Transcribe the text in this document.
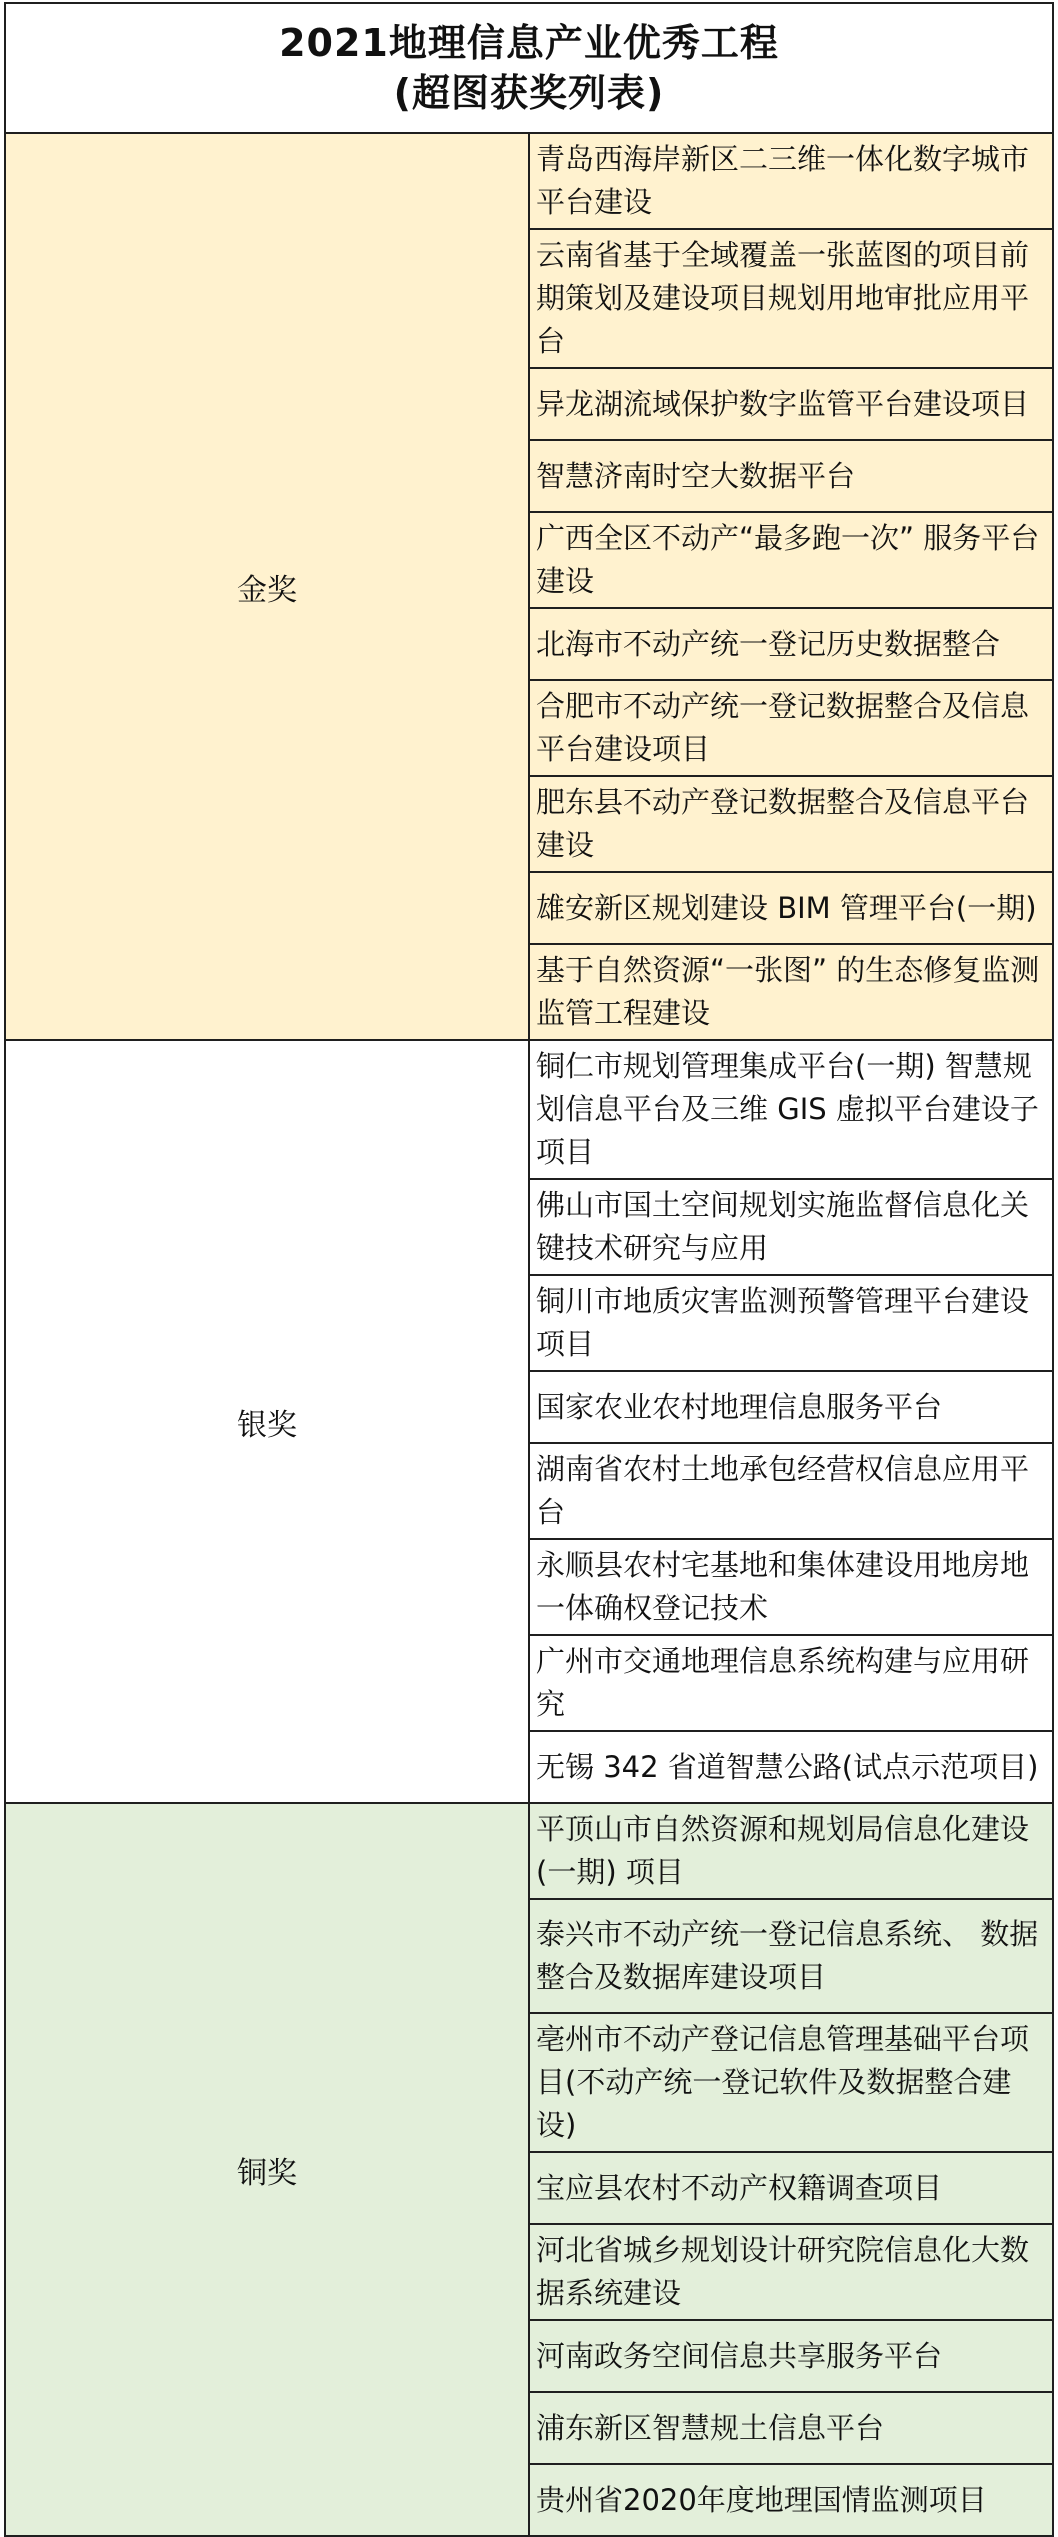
2021地理信息产业优秀工程
(超图获奖列表)	

金奖	青岛西海岸新区二三维一体化数字城市平台建设
	云南省基于全域覆盖一张蓝图的项目前期策划及建设项目规划用地审批应用平台
	异龙湖流域保护数字监管平台建设项目
	智慧济南时空大数据平台
	广西全区不动产“最多跑一次” 服务平台建设
	北海市不动产统一登记历史数据整合
	合肥市不动产统一登记数据整合及信息平台建设项目
	肥东县不动产登记数据整合及信息平台建设
	雄安新区规划建设 BIM 管理平台(一期)
	基于自然资源“一张图” 的生态修复监测监管工程建设
银奖	铜仁市规划管理集成平台(一期) 智慧规划信息平台及三维 GIS 虚拟平台建设子项目
	佛山市国土空间规划实施监督信息化关键技术研究与应用
	铜川市地质灾害监测预警管理平台建设项目
	国家农业农村地理信息服务平台
	湖南省农村土地承包经营权信息应用平台
	永顺县农村宅基地和集体建设用地房地一体确权登记技术
	广州市交通地理信息系统构建与应用研究
	无锡 342 省道智慧公路(试点示范项目)
铜奖	平顶山市自然资源和规划局信息化建设(一期) 项目
	泰兴市不动产统一登记信息系统、 数据整合及数据库建设项目
	亳州市不动产登记信息管理基础平台项目(不动产统一登记软件及数据整合建设)
	宝应县农村不动产权籍调查项目
	河北省城乡规划设计研究院信息化大数据系统建设
	河南政务空间信息共享服务平台
	浦东新区智慧规土信息平台
	贵州省2020年度地理国情监测项目
